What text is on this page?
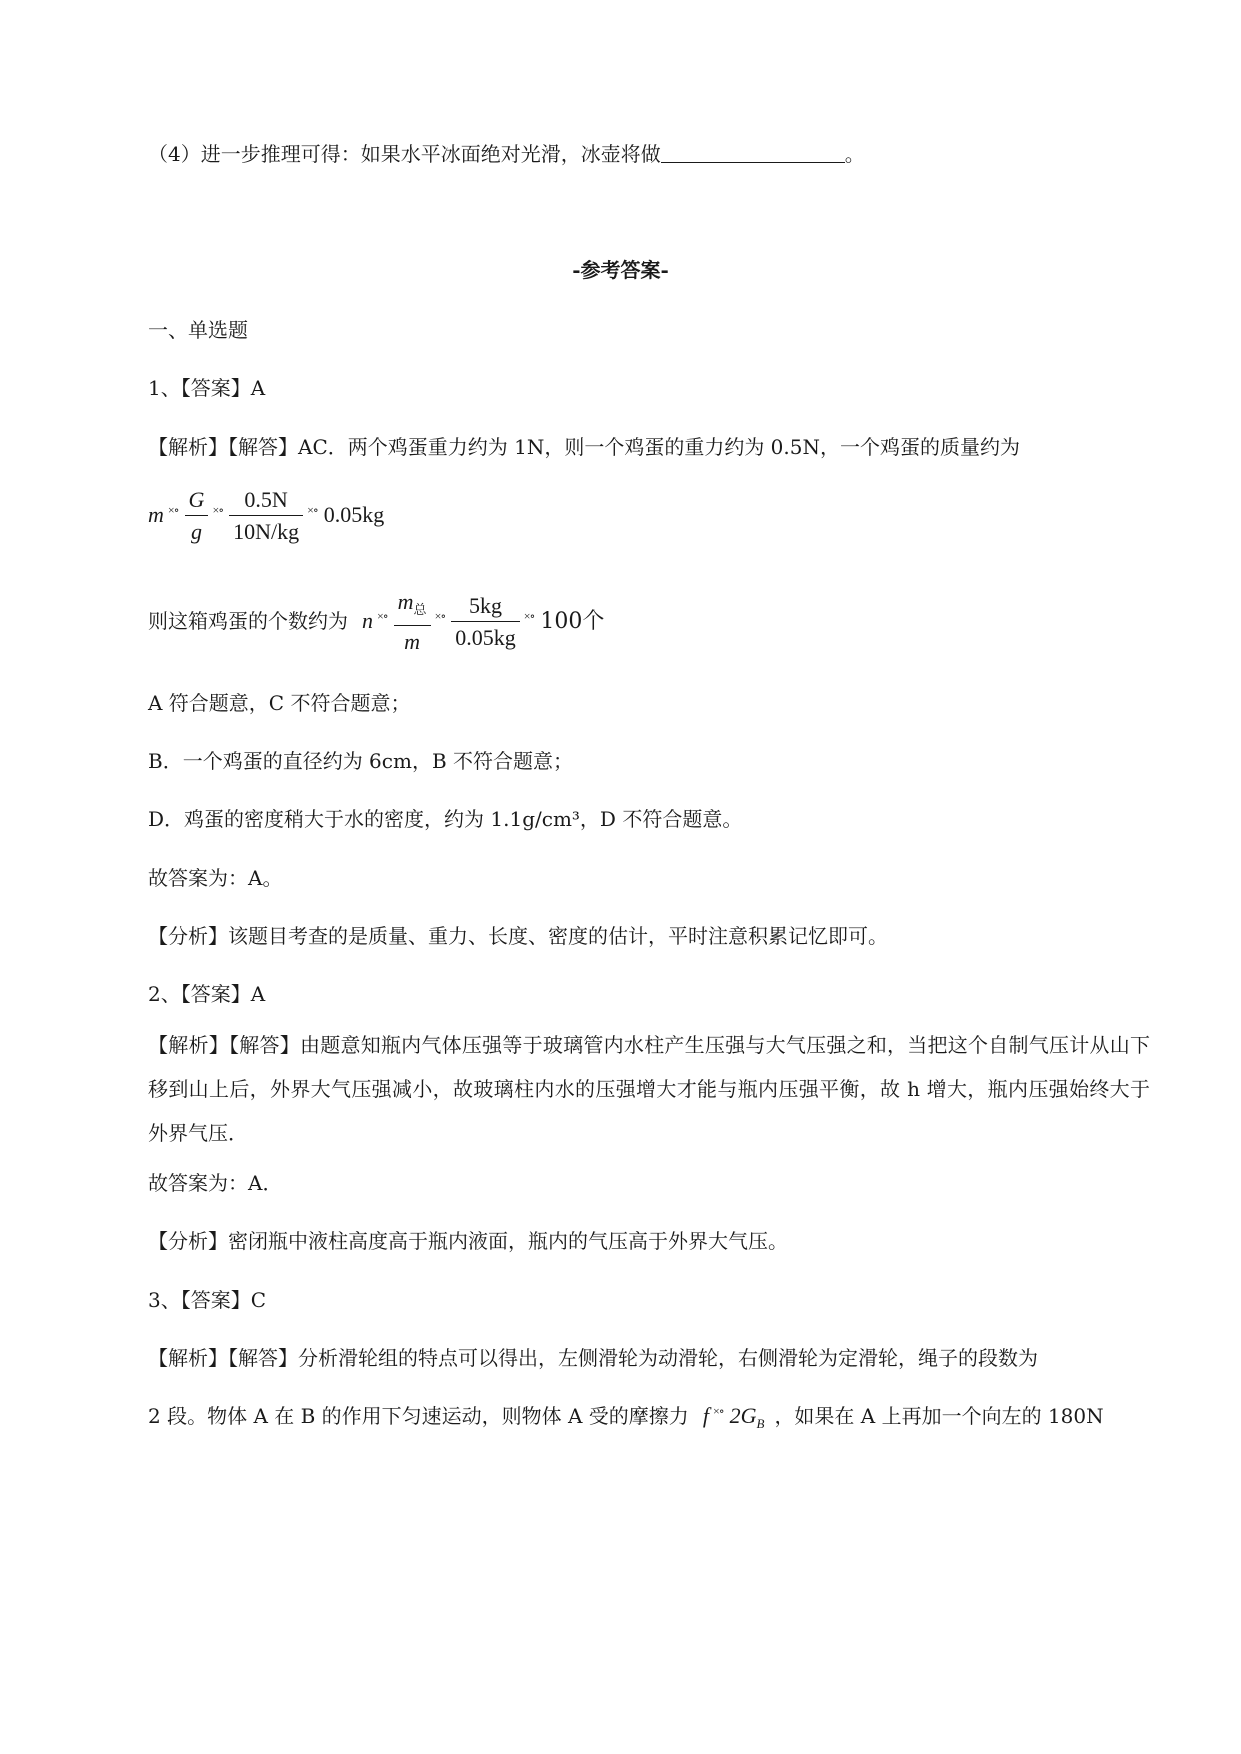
（4）进一步推理可得：如果水平冰面绝对光滑，冰壶将做	。
-参考答案-
一、单选题
1、【答案】A
【解析】【解答】AC．两个鸡蛋重力约为 1N，则一个鸡蛋的重力约为 0.5N，一个鸡蛋的质量约为
m $^{\times\circ} \frac{G}{g} ^{\times\circ} \frac{0.5N}{10N/kg} ^{\times\circ}$ 0.05kg
则这箱鸡蛋的个数约为 n $^{\times\circ} \frac{m_总}{m} ^{\times\circ} \frac{5kg}{0.05kg} ^{\times\circ}$ 100个
A 符合题意，C 不符合题意；
B．一个鸡蛋的直径约为 6cm，B 不符合题意；
D．鸡蛋的密度稍大于水的密度，约为 1.1g/cm³，D 不符合题意。
故答案为：A。
【分析】该题目考查的是质量、重力、长度、密度的估计，平时注意积累记忆即可。
2、【答案】A
【解析】【解答】由题意知瓶内气体压强等于玻璃管内水柱产生压强与大气压强之和，当把这个自制气压计从山下移到山上后，外界大气压强减小，故玻璃柱内水的压强增大才能与瓶内压强平衡，故 h 增大，瓶内压强始终大于外界气压．
故答案为：A．
【分析】密闭瓶中液柱高度高于瓶内液面，瓶内的气压高于外界大气压。
3、【答案】C
【解析】【解答】分析滑轮组的特点可以得出，左侧滑轮为动滑轮，右侧滑轮为定滑轮，绳子的段数为
2 段。物体 A 在 B 的作用下匀速运动，则物体 A 受的摩擦力 f ×∘ $2G_B$ ，如果在 A 上再加一个向左的 180N
